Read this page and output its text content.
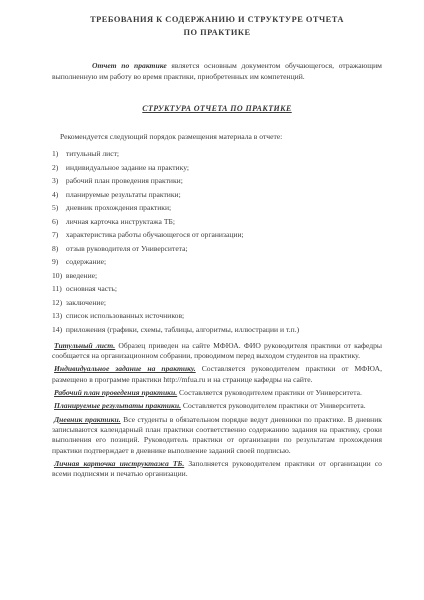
ТРЕБОВАНИЯ К СОДЕРЖАНИЮ И СТРУКТУРЕ ОТЧЕТА
ПО ПРАКТИКЕ

Отчет по практике является основным документом обучающегося, отражающим выполненную им работу во время практики, приобретенных им компетенций.

СТРУКТУРА ОТЧЕТА ПО ПРАКТИКЕ
Рекомендуется следующий порядок размещения материала в отчете:
1) титульный лист;
2) индивидуальное задание на практику;
3) рабочий план проведения практики;
4) планируемые результаты практики;
5) дневник прохождения практики;
6) личная карточка инструктажа ТБ;
7) характеристика работы обучающегося от организации;
8) отзыв руководителя от Университета;
9) содержание;
10) введение;
11) основная часть;
12) заключение;
13) список использованных источников;
14) приложения (графики, схемы, таблицы, алгоритмы, иллюстрации и т.п.)

Титульный лист. Образец приведен на сайте МФЮА. ФИО руководителя практики от кафедры сообщается на организационном собрании, проводимом перед выходом студентов на практику.

Индивидуальное задание на практику. Составляется руководителем практики от МФЮА, размещено в программе практики http://mfua.ru и на странице кафедры на сайте.

Рабочий план проведения практики. Составляется руководителем практики от Университета.

Планируемые результаты практики. Составляется руководителем практики от Университета.

Дневник практики. Все студенты в обязательном порядке ведут дневники по практике. В дневник записываются календарный план практики соответственно содержанию задания на практику, сроки выполнения его позиций. Руководитель практики от организации по результатам прохождения практики подтверждает в дневнике выполнение заданий своей подписью.

Личная карточка инструктажа ТБ. Заполняется руководителем практики от организации со всеми подписями и печатью организации.
